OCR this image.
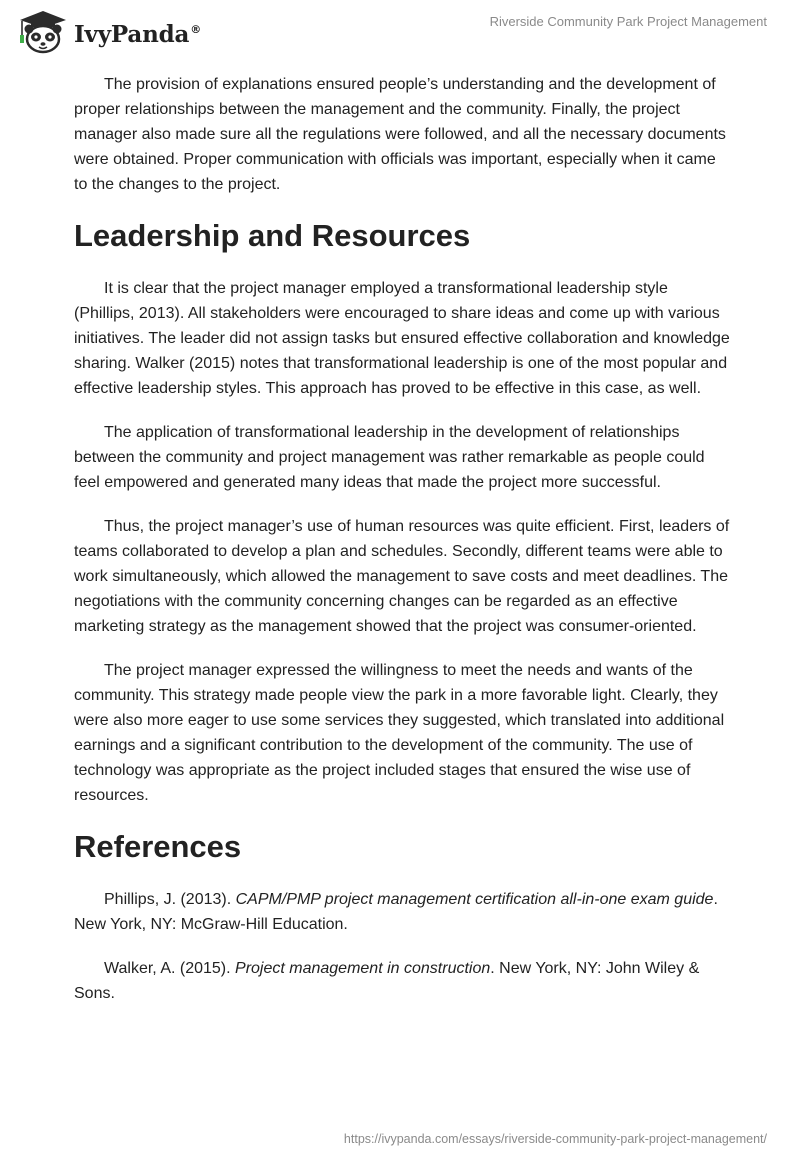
IvyPanda®
Riverside Community Park Project Management

The provision of explanations ensured people’s understanding and the development of proper relationships between the management and the community. Finally, the project manager also made sure all the regulations were followed, and all the necessary documents were obtained. Proper communication with officials was important, especially when it came to the changes to the project.

Leadership and Resources

It is clear that the project manager employed a transformational leadership style (Phillips, 2013). All stakeholders were encouraged to share ideas and come up with various initiatives. The leader did not assign tasks but ensured effective collaboration and knowledge sharing. Walker (2015) notes that transformational leadership is one of the most popular and effective leadership styles. This approach has proved to be effective in this case, as well.

The application of transformational leadership in the development of relationships between the community and project management was rather remarkable as people could feel empowered and generated many ideas that made the project more successful.

Thus, the project manager’s use of human resources was quite efficient. First, leaders of teams collaborated to develop a plan and schedules. Secondly, different teams were able to work simultaneously, which allowed the management to save costs and meet deadlines. The negotiations with the community concerning changes can be regarded as an effective marketing strategy as the management showed that the project was consumer-oriented.

The project manager expressed the willingness to meet the needs and wants of the community. This strategy made people view the park in a more favorable light. Clearly, they were also more eager to use some services they suggested, which translated into additional earnings and a significant contribution to the development of the community. The use of technology was appropriate as the project included stages that ensured the wise use of resources.

References

Phillips, J. (2013). CAPM/PMP project management certification all-in-one exam guide. New York, NY: McGraw-Hill Education.

Walker, A. (2015). Project management in construction. New York, NY: John Wiley & Sons.

https://ivypanda.com/essays/riverside-community-park-project-management/
